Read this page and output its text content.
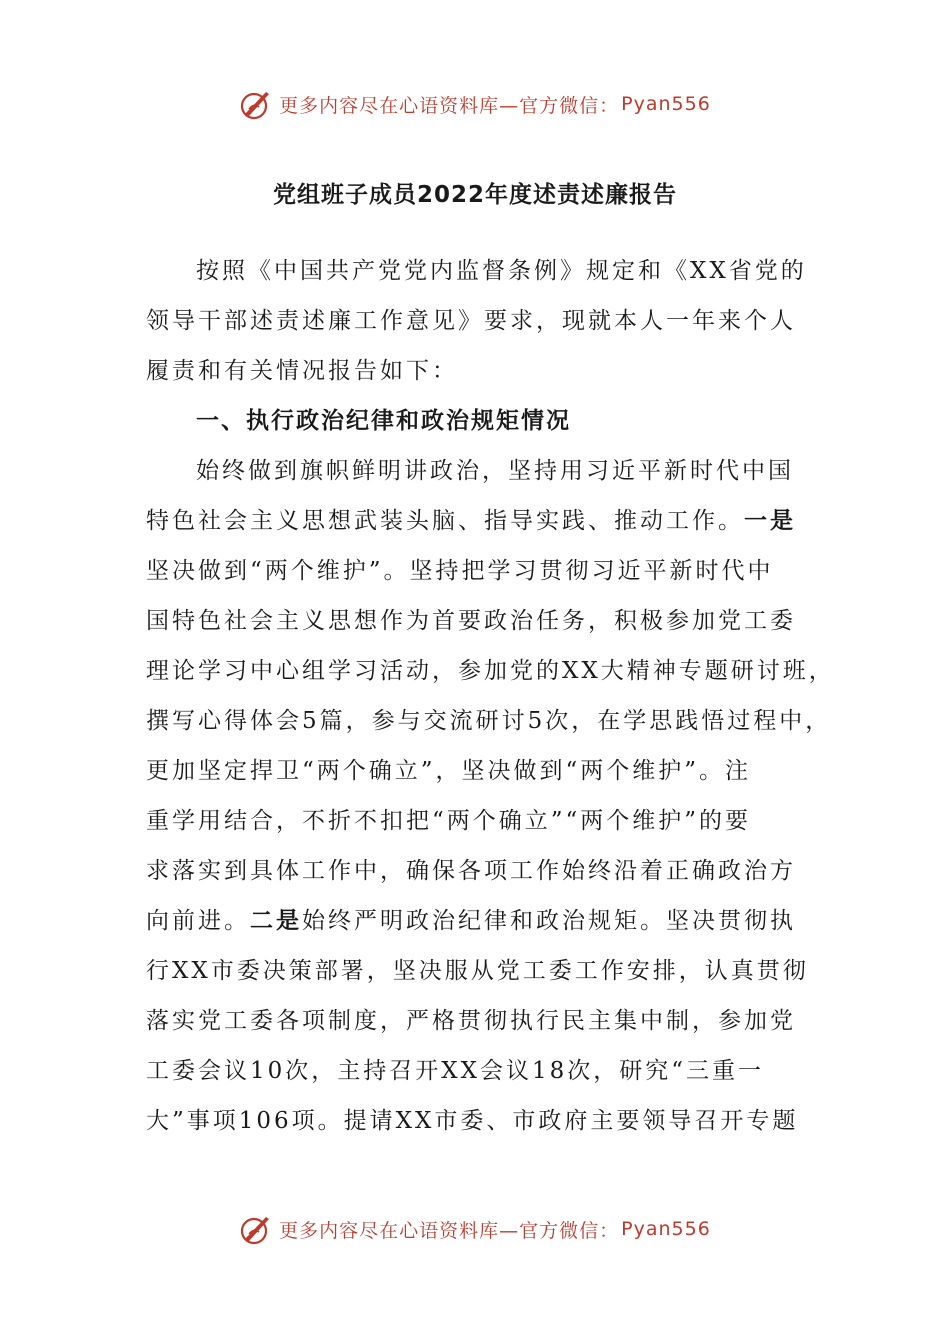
更多内容尽在心语资料库—官方微信： Pyan556
党组班子成员2022年度述责述廉报告
按照《中国共产党党内监督条例》规定和《XX省党的
领导干部述责述廉工作意见》要求，现就本人一年来个人
履责和有关情况报告如下：
一、执行政治纪律和政治规矩情况
始终做到旗帜鲜明讲政治，坚持用习近平新时代中国
特色社会主义思想武装头脑、指导实践、推动工作。一是
坚决做到“两个维护”。坚持把学习贯彻习近平新时代中
国特色社会主义思想作为首要政治任务，积极参加党工委
理论学习中心组学习活动，参加党的XX大精神专题研讨班，
撰写心得体会5篇，参与交流研讨5次，在学思践悟过程中，
更加坚定捍卫“两个确立”，坚决做到“两个维护”。注
重学用结合，不折不扣把“两个确立”“两个维护”的要
求落实到具体工作中，确保各项工作始终沿着正确政治方
向前进。二是始终严明政治纪律和政治规矩。坚决贯彻执
行XX市委决策部署，坚决服从党工委工作安排，认真贯彻
落实党工委各项制度，严格贯彻执行民主集中制，参加党
工委会议10次，主持召开XX会议18次，研究“三重一
大”事项106项。提请XX市委、市政府主要领导召开专题
更多内容尽在心语资料库—官方微信： Pyan556
